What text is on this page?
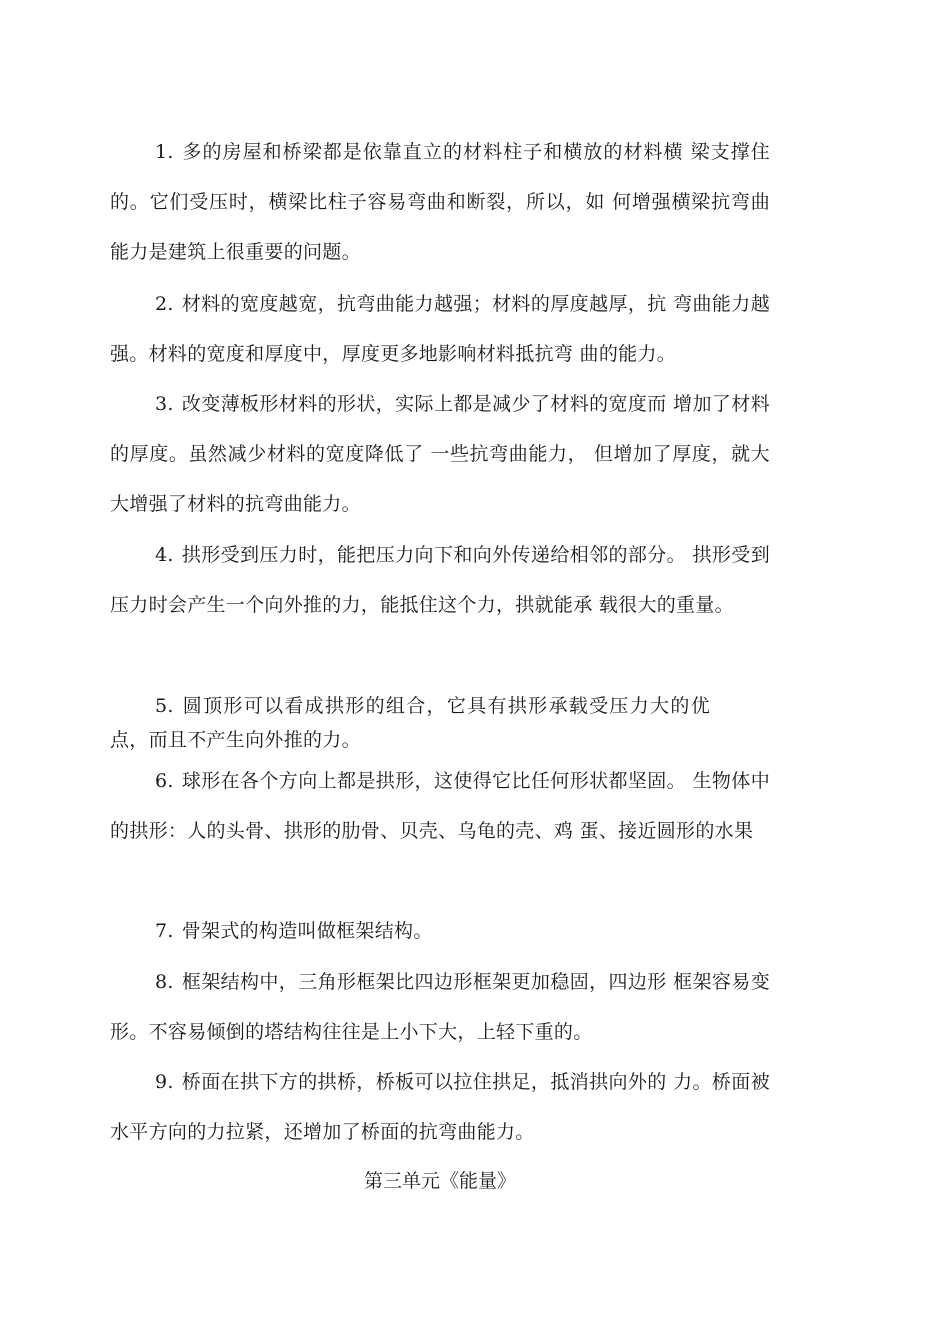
1. 多的房屋和桥梁都是依靠直立的材料柱子和横放的材料横 梁支撑住的。它们受压时，横梁比柱子容易弯曲和断裂，所以，如 何增强横梁抗弯曲能力是建筑上很重要的问题。

2. 材料的宽度越宽，抗弯曲能力越强；材料的厚度越厚，抗 弯曲能力越强。材料的宽度和厚度中，厚度更多地影响材料抵抗弯 曲的能力。

3. 改变薄板形材料的形状，实际上都是减少了材料的宽度而 增加了材料的厚度。虽然减少材料的宽度降低了 一些抗弯曲能力， 但增加了厚度，就大大增强了材料的抗弯曲能力。

4. 拱形受到压力时，能把压力向下和向外传递给相邻的部分。 拱形受到压力时会产生一个向外推的力，能抵住这个力，拱就能承 载很大的重量。

5. 圆顶形可以看成拱形的组合，它具有拱形承载受压力大的优点，而且不产生向外推的力。

6. 球形在各个方向上都是拱形，这使得它比任何形状都坚固。 生物体中的拱形：人的头骨、拱形的肋骨、贝壳、乌龟的壳、鸡 蛋、接近圆形的水果

7. 骨架式的构造叫做框架结构。

8. 框架结构中，三角形框架比四边形框架更加稳固，四边形 框架容易变形。不容易倾倒的塔结构往往是上小下大，上轻下重的。

9. 桥面在拱下方的拱桥，桥板可以拉住拱足，抵消拱向外的 力。桥面被水平方向的力拉紧，还增加了桥面的抗弯曲能力。

第三单元《能量》
